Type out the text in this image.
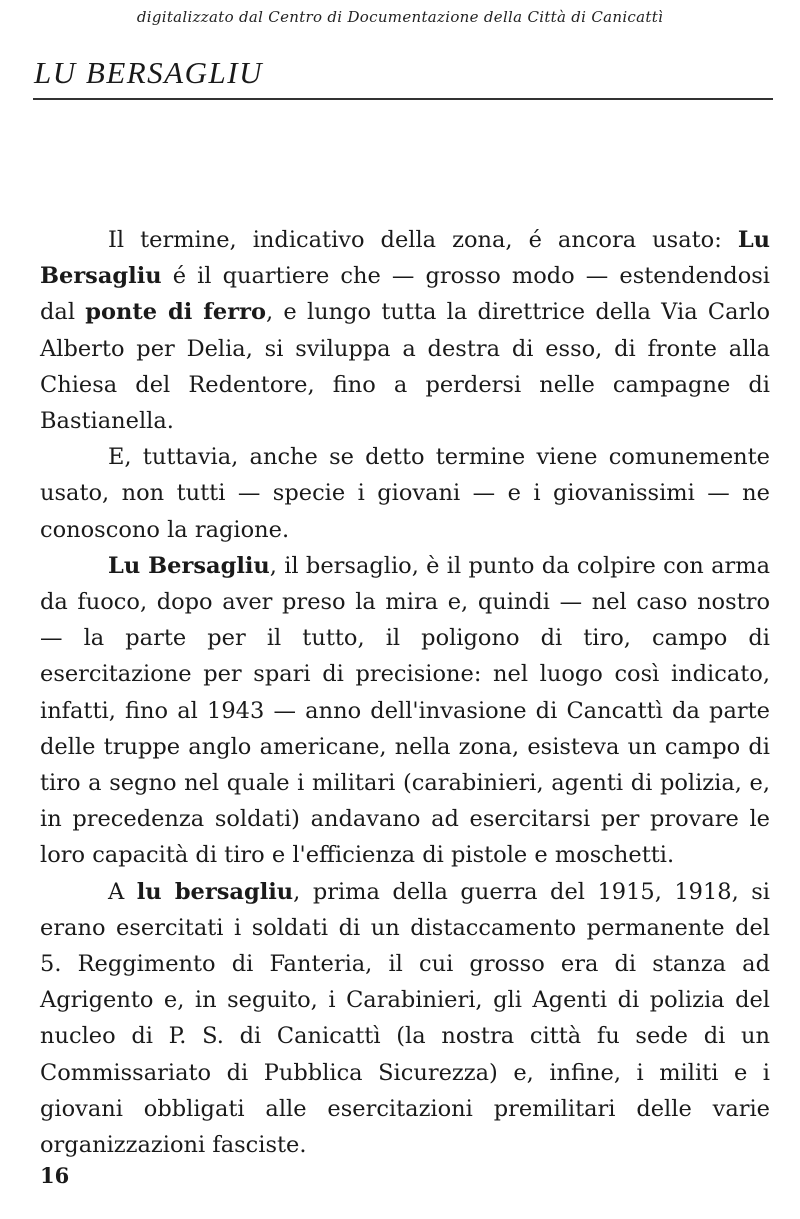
digitalizzato dal Centro di Documentazione della Città di Canicattì
LU BERSAGLIU

Il termine, indicativo della zona, é ancora usato: Lu Bersagliu é il quartiere che — grosso modo — estendendosi dal ponte di ferro, e lungo tutta la direttrice della Via Carlo Alberto per Delia, si sviluppa a destra di esso, di fronte alla Chiesa del Redentore, fino a perdersi nelle campagne di Bastianella.

E, tuttavia, anche se detto termine viene comunemente usato, non tutti — specie i giovani — e i giovanissimi — ne conoscono la ragione.

Lu Bersagliu, il bersaglio, è il punto da colpire con arma da fuoco, dopo aver preso la mira e, quindi — nel caso nostro — la parte per il tutto, il poligono di tiro, campo di esercitazione per spari di precisione: nel luogo così indicato, infatti, fino al 1943 — anno dell'invasione di Cancattì da parte delle truppe anglo americane, nella zona, esisteva un campo di tiro a segno nel quale i militari (carabinieri, agenti di polizia, e, in precedenza soldati) andavano ad esercitarsi per provare le loro capacità di tiro e l'efficienza di pistole e moschetti.

A lu bersagliu, prima della guerra del 1915, 1918, si erano esercitati i soldati di un distaccamento permanente del 5. Reggimento di Fanteria, il cui grosso era di stanza ad Agrigento e, in seguito, i Carabinieri, gli Agenti di polizia del nucleo di P. S. di Canicattì (la nostra città fu sede di un Commissariato di Pubblica Sicurezza) e, infine, i militi e i giovani obbligati alle esercitazioni premilitari delle varie organizzazioni fasciste.

16
